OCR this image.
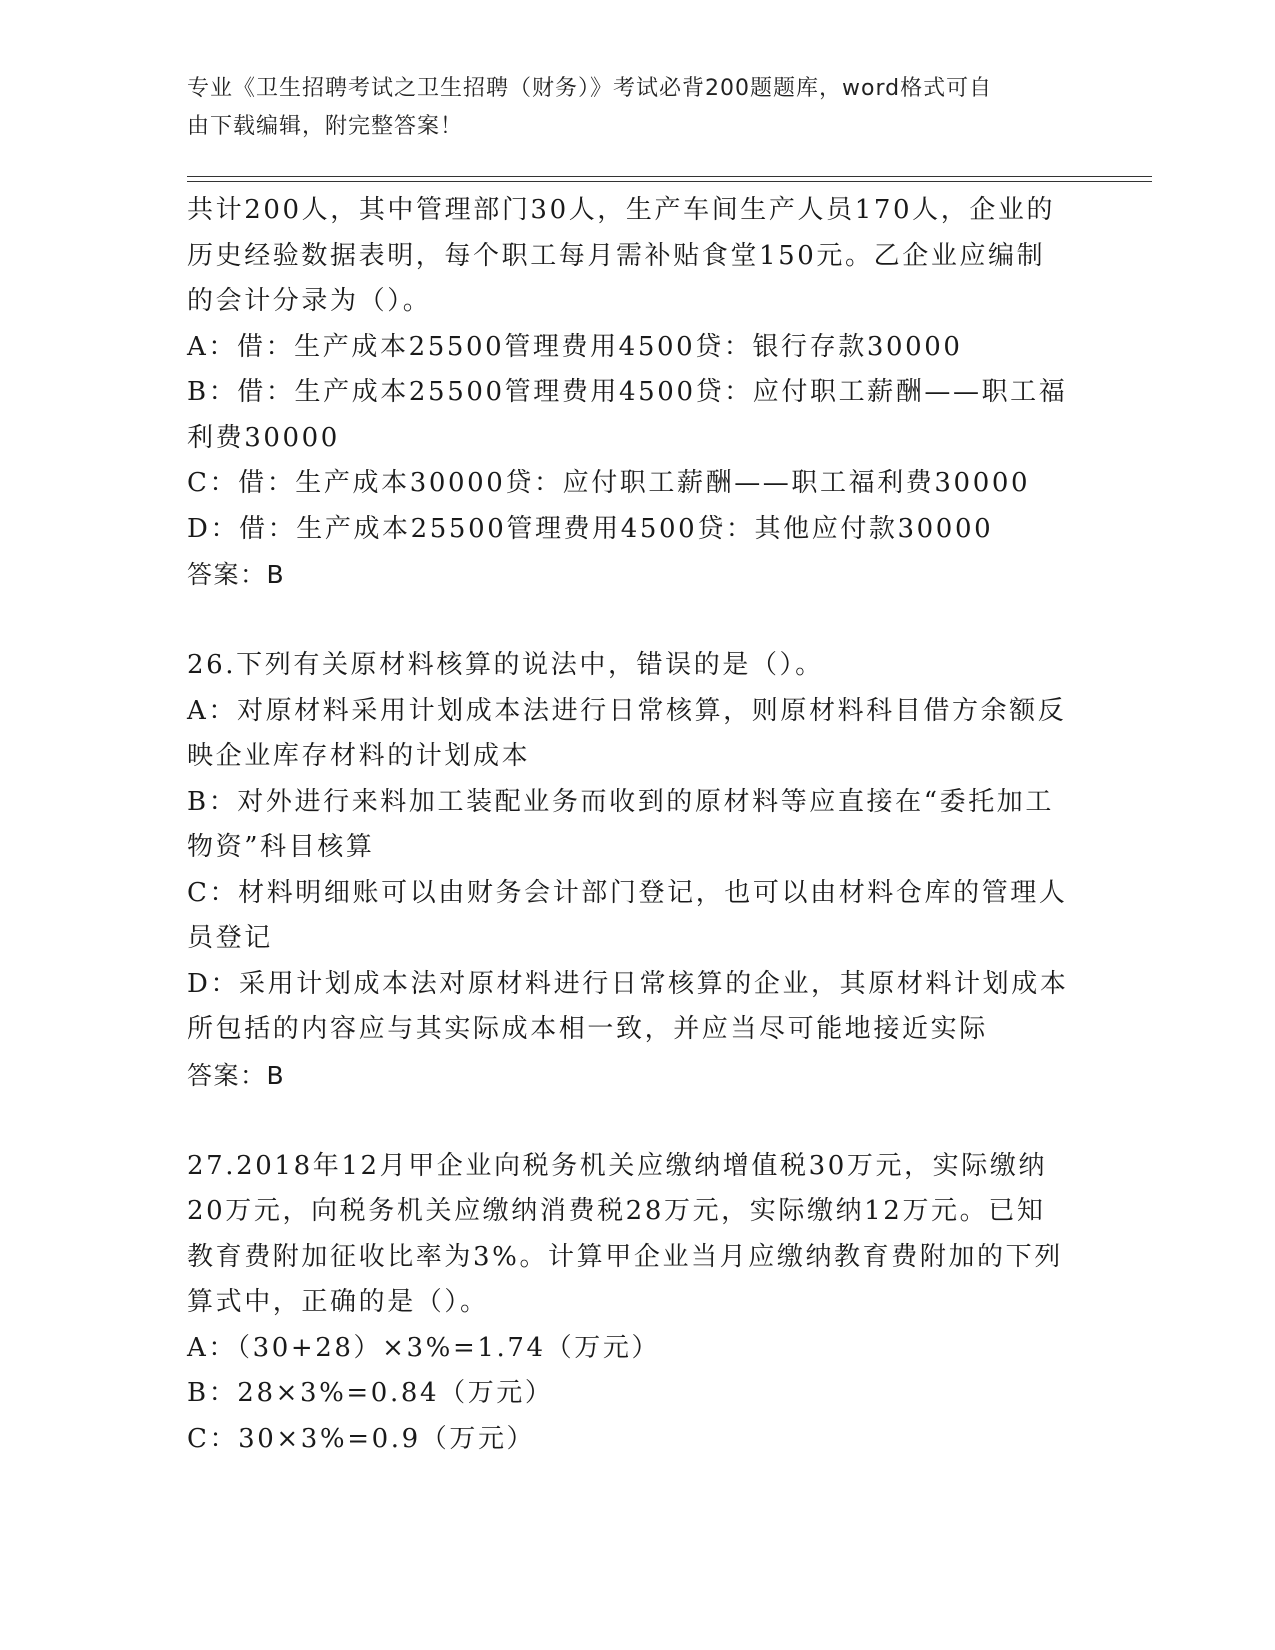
专业《卫生招聘考试之卫生招聘（财务）》考试必背200题题库，word格式可自
由下载编辑，附完整答案！

共计200人，其中管理部门30人，生产车间生产人员170人，企业的

历史经验数据表明，每个职工每月需补贴食堂150元。乙企业应编制

的会计分录为（）。

A：借：生产成本25500管理费用4500贷：银行存款30000

B：借：生产成本25500管理费用4500贷：应付职工薪酬——职工福

利费30000

C：借：生产成本30000贷：应付职工薪酬——职工福利费30000

D：借：生产成本25500管理费用4500贷：其他应付款30000

答案：B

26.下列有关原材料核算的说法中，错误的是（）。

A：对原材料采用计划成本法进行日常核算，则原材料科目借方余额反

映企业库存材料的计划成本

B：对外进行来料加工装配业务而收到的原材料等应直接在“委托加工

物资”科目核算

C：材料明细账可以由财务会计部门登记，也可以由材料仓库的管理人

员登记

D：采用计划成本法对原材料进行日常核算的企业，其原材料计划成本

所包括的内容应与其实际成本相一致，并应当尽可能地接近实际

答案：B

27.2018年12月甲企业向税务机关应缴纳增值税30万元，实际缴纳

20万元，向税务机关应缴纳消费税28万元，实际缴纳12万元。已知

教育费附加征收比率为3%。计算甲企业当月应缴纳教育费附加的下列

算式中，正确的是（）。

A：（30+28）×3%=1.74（万元）

B：28×3%=0.84（万元）

C：30×3%=0.9（万元）
